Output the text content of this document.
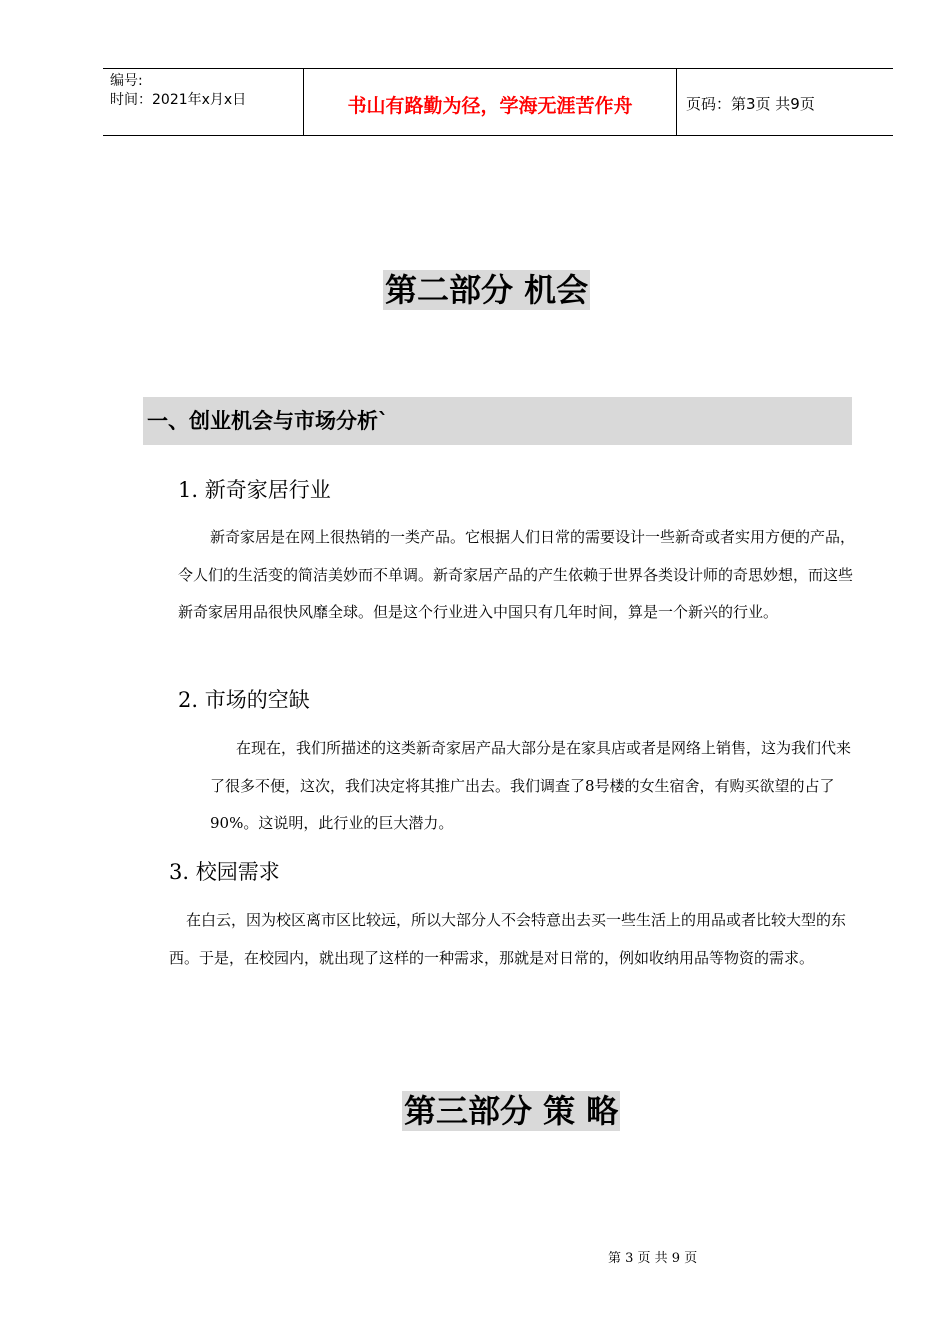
编号:
时间：2021年x月x日	书山有路勤为径，学海无涯苦作舟	页码：第3页 共9页
第二部分 机会
一、创业机会与市场分析`
1. 新奇家居行业
新奇家居是在网上很热销的一类产品。它根据人们日常的需要设计一些新奇或者实用方便的产品，令人们的生活变的简洁美妙而不单调。新奇家居产品的产生依赖于世界各类设计师的奇思妙想，而这些新奇家居用品很快风靡全球。但是这个行业进入中国只有几年时间，算是一个新兴的行业。
2. 市场的空缺
在现在，我们所描述的这类新奇家居产品大部分是在家具店或者是网络上销售，这为我们代来了很多不便，这次，我们决定将其推广出去。我们调查了8号楼的女生宿舍，有购买欲望的占了90%。这说明，此行业的巨大潜力。
3. 校园需求
在白云，因为校区离市区比较远，所以大部分人不会特意出去买一些生活上的用品或者比较大型的东西。于是，在校园内，就出现了这样的一种需求，那就是对日常的，例如收纳用品等物资的需求。
第三部分 策 略
第 3 页 共 9 页
